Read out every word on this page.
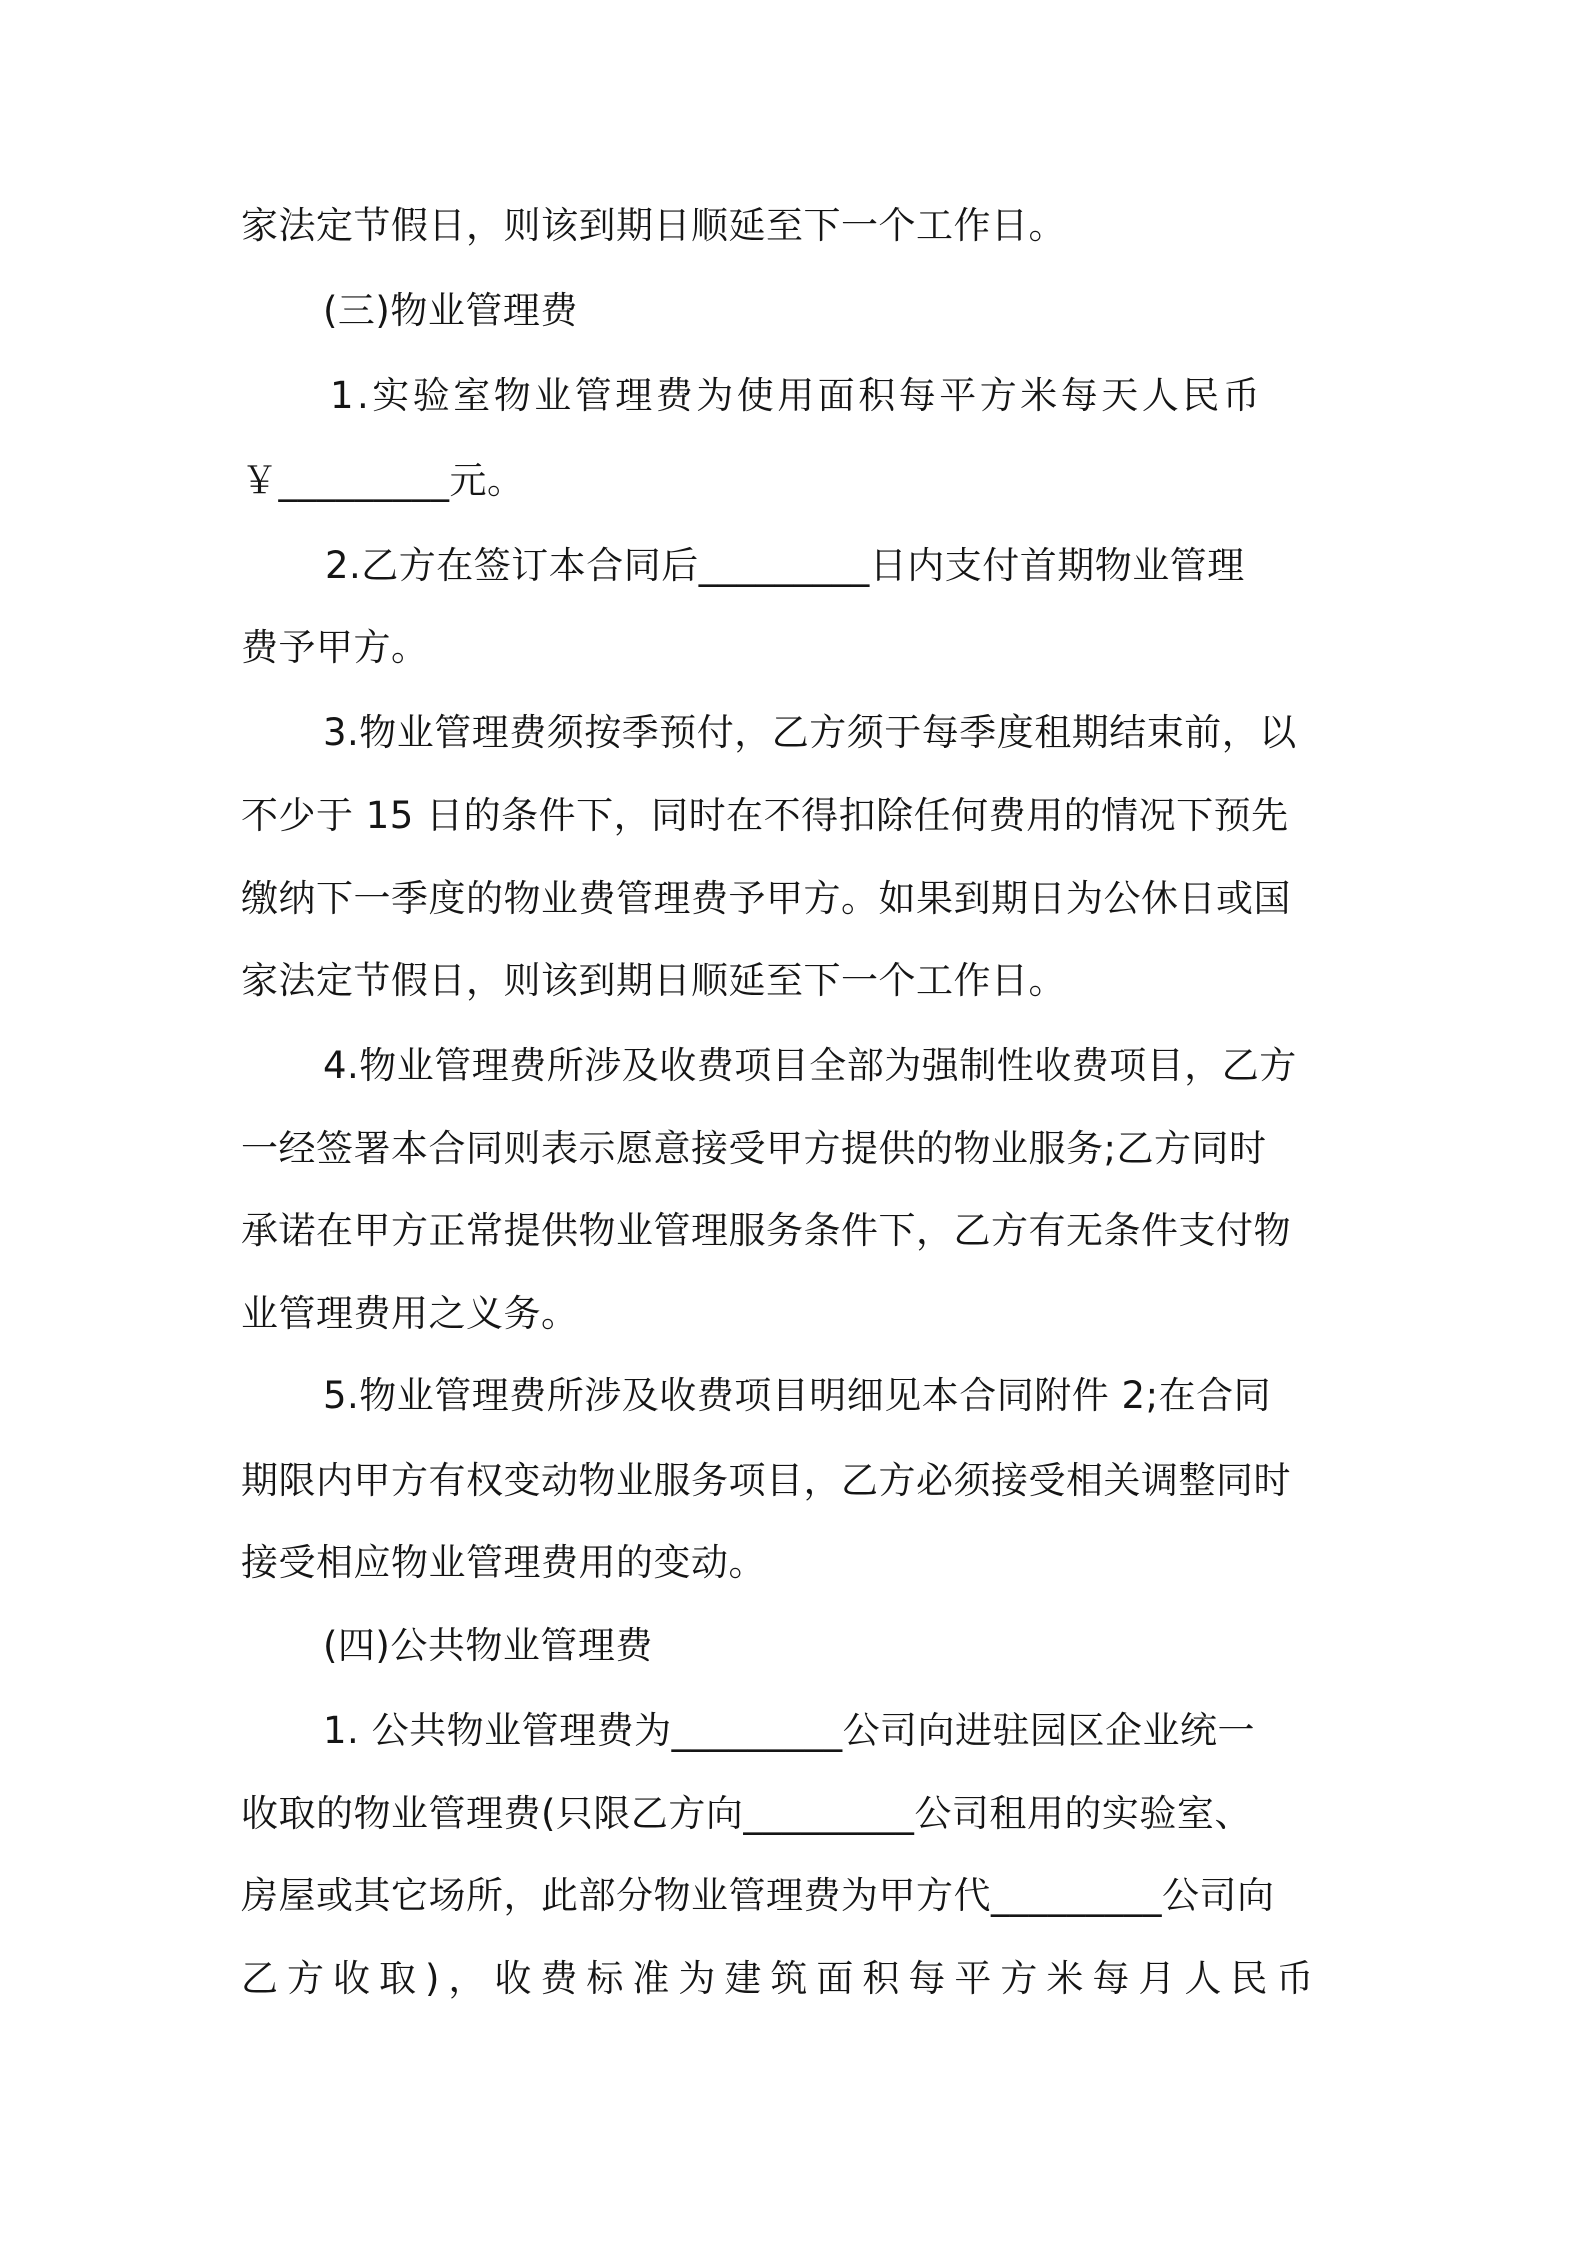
家法定节假日，则该到期日顺延至下一个工作日。
(三)物业管理费
1.实验室物业管理费为使用面积每平方米每天人民币
￥_________元。
2.乙方在签订本合同后_________日内支付首期物业管理
费予甲方。
3.物业管理费须按季预付，乙方须于每季度租期结束前，以
不少于 15 日的条件下，同时在不得扣除任何费用的情况下预先
缴纳下一季度的物业费管理费予甲方。如果到期日为公休日或国
家法定节假日，则该到期日顺延至下一个工作日。
4.物业管理费所涉及收费项目全部为强制性收费项目，乙方
一经签署本合同则表示愿意接受甲方提供的物业服务;乙方同时
承诺在甲方正常提供物业管理服务条件下，乙方有无条件支付物
业管理费用之义务。
5.物业管理费所涉及收费项目明细见本合同附件 2;在合同
期限内甲方有权变动物业服务项目，乙方必须接受相关调整同时
接受相应物业管理费用的变动。
(四)公共物业管理费
1. 公共物业管理费为_________公司向进驻园区企业统一
收取的物业管理费(只限乙方向_________公司租用的实验室、
房屋或其它场所，此部分物业管理费为甲方代_________公司向
乙方收取)，收费标准为建筑面积每平方米每月人民币
